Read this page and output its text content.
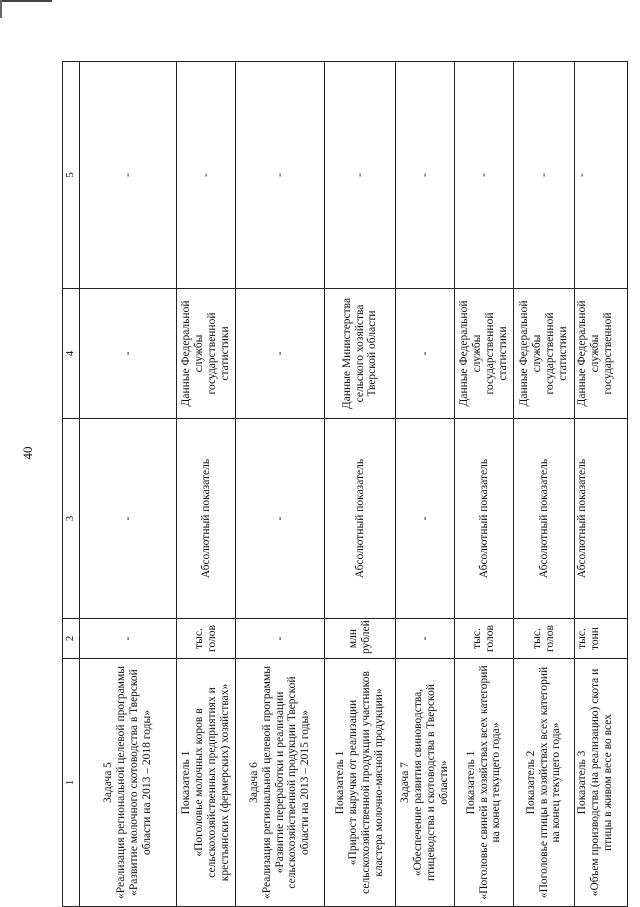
40
1	2	3	4	5

Задача 5 «Реализация региональной целевой программы «Развитие молочного скотоводства в Тверской области на 2013 – 2018 годы»	-	-	-	-

Показатель 1 «Поголовье молочных коров в сельскохозяйственных предприятиях и крестьянских (фермерских) хозяйствах»	тыс. голов	Абсолютный показатель	Данные Федеральной службы государственной статистики	-

Задача 6 «Реализация региональной целевой программы «Развитие переработки и реализации сельскохозяйственной продукции Тверской области на 2013 – 2015 годы»	-	-	-	-

Показатель 1 «Прирост выручки от реализации сельскохозяйственной продукции участников кластера молочно-мясной продукции»	млн рублей	Абсолютный показатель	Данные Министерства сельского хозяйства Тверской области	-

Задача 7 «Обеспечение развития свиноводства, птицеводства и скотоводства в Тверской области»	-	-	-	-

Показатель 1 «Поголовье свиней в хозяйствах всех категорий на конец текущего года»	тыс. голов	Абсолютный показатель	Данные Федеральной службы государственной статистики	-

Показатель 2 «Поголовье птицы в хозяйствах всех категорий на конец текущего года»	тыс. голов	Абсолютный показатель	Данные Федеральной службы государственной статистики	-

Показатель 3 «Объем производства (на реализацию) скота и птицы в живом весе во всех	тыс. тонн	Абсолютный показатель	Данные Федеральной службы государственной	-
